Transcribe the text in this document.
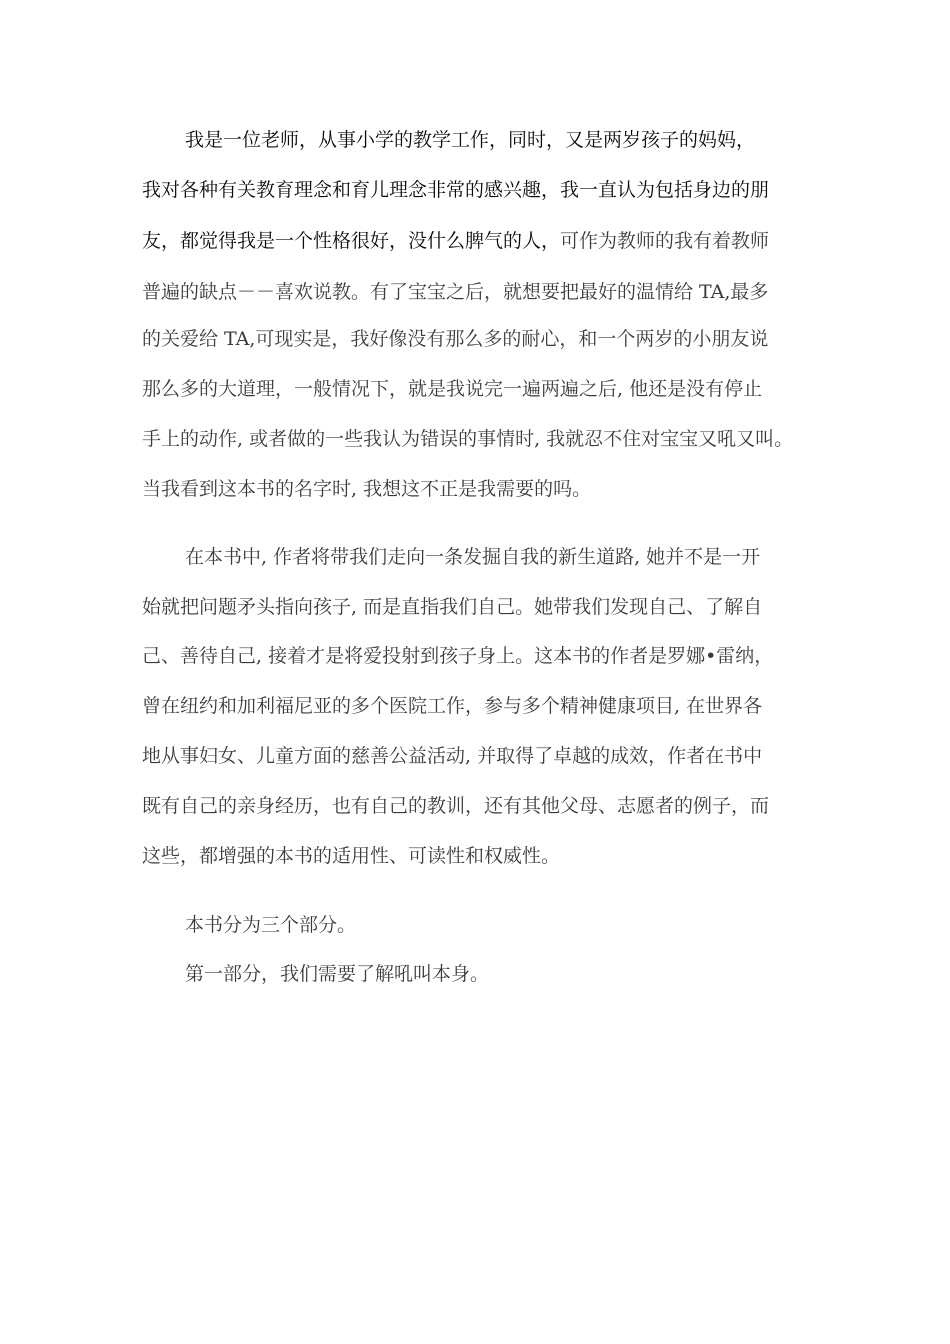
我是一位老师，从事小学的教学工作，同时，又是两岁孩子的妈妈，
我对各种有关教育理念和育儿理念非常的感兴趣，我一直认为包括身边的朋
友，都觉得我是一个性格很好，没什么脾气的人，可作为教师的我有着教师
普遍的缺点－－喜欢说教。有了宝宝之后，就想要把最好的温情给 TA,最多
的关爱给 TA,可现实是，我好像没有那么多的耐心，和一个两岁的小朋友说
那么多的大道理，一般情况下，就是我说完一遍两遍之后, 他还是没有停止
手上的动作, 或者做的一些我认为错误的事情时, 我就忍不住对宝宝又吼又叫。
当我看到这本书的名字时, 我想这不正是我需要的吗。
在本书中, 作者将带我们走向一条发掘自我的新生道路, 她并不是一开
始就把问题矛头指向孩子, 而是直指我们自己。她带我们发现自己、了解自
己、善待自己, 接着才是将爱投射到孩子身上。这本书的作者是罗娜•雷纳，
曾在纽约和加利福尼亚的多个医院工作，参与多个精神健康项目, 在世界各
地从事妇女、儿童方面的慈善公益活动, 并取得了卓越的成效，作者在书中
既有自己的亲身经历，也有自己的教训，还有其他父母、志愿者的例子，而
这些，都增强的本书的适用性、可读性和权威性。
本书分为三个部分。
第一部分，我们需要了解吼叫本身。
